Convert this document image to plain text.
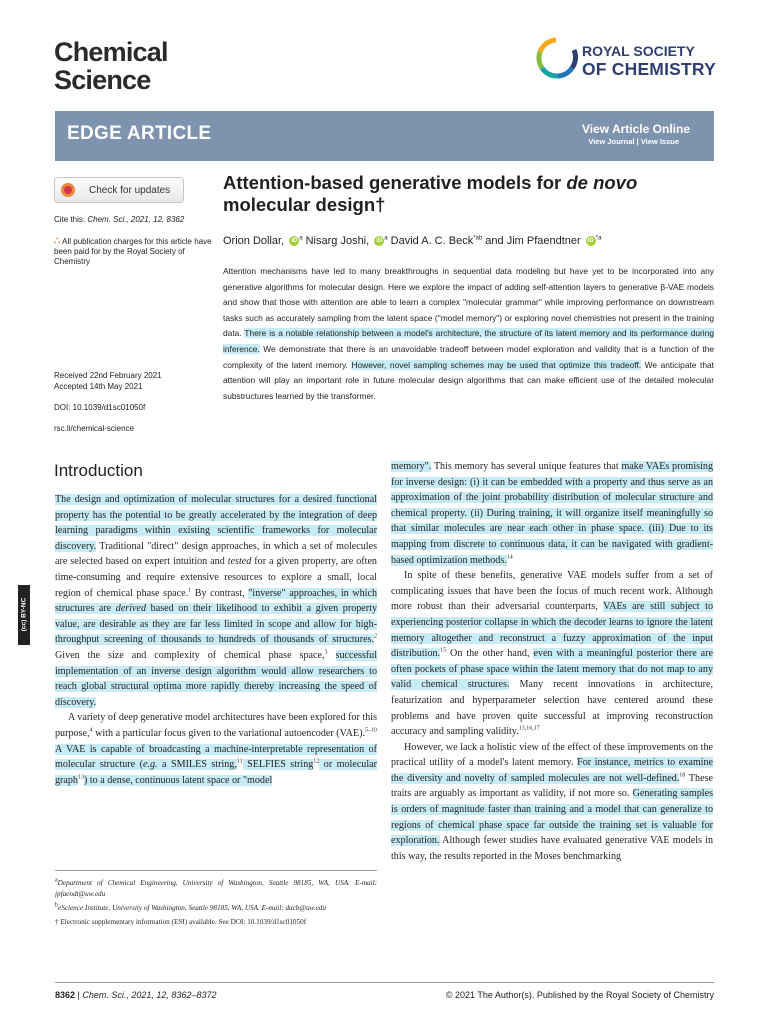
Chemical
Science
ROYAL SOCIETY
OF CHEMISTRY
EDGE ARTICLE	View Article Online
View Journal | View Issue
Check for updates
Cite this: Chem. Sci., 2021, 12, 8362
∴ All publication charges for this article have been paid for by the Royal Society of Chemistry
Received 22nd February 2021
Accepted 14th May 2021
DOI: 10.1039/d1sc01050f
rsc.li/chemical-science
Attention-based generative models for de novo molecular design†
Orion Dollar, iD $^a$ Nisarg Joshi, iD $^a$ David A. C. Beck$^{*ab}$ and Jim Pfaendtner iD $^{*a}$
Attention mechanisms have led to many breakthroughs in sequential data modeling but have yet to be incorporated into any generative algorithms for molecular design. Here we explore the impact of adding self-attention layers to generative β-VAE models and show that those with attention are able to learn a complex "molecular grammar" while improving performance on downstream tasks such as accurately sampling from the latent space ("model memory") or exploring novel chemistries not present in the training data. There is a notable relationship between a model's architecture, the structure of its latent memory and its performance during inference. We demonstrate that there is an unavoidable tradeoff between model exploration and validity that is a function of the complexity of the latent memory. However, novel sampling schemes may be used that optimize this tradeoff. We anticipate that attention will play an important role in future molecular design algorithms that can make efficient use of the detailed molecular substructures learned by the transformer.
Introduction

The design and optimization of molecular structures for a desired functional property has the potential to be greatly accelerated by the integration of deep learning paradigms within existing scientific frameworks for molecular discovery. Traditional "direct" design approaches, in which a set of molecules are selected based on expert intuition and tested for a given property, are often time-consuming and require extensive resources to explore a small, local region of chemical phase space.$^1$ By contrast, "inverse" approaches, in which structures are derived based on their likelihood to exhibit a given property value, are desirable as they are far less limited in scope and allow for high-throughput screening of thousands to hundreds of thousands of structures.$^2$ Given the size and complexity of chemical phase space,$^3$ successful implementation of an inverse design algorithm would allow researchers to reach global structural optima more rapidly thereby increasing the speed of discovery.

A variety of deep generative model architectures have been explored for this purpose,$^4$ with a particular focus given to the variational autoencoder (VAE).$^{5-10}$ A VAE is capable of broadcasting a machine-interpretable representation of molecular structure (e.g. a SMILES string,$^{11}$ SELFIES string$^{12}$ or molecular graph$^{13}$) to a dense, continuous latent space or "model

memory". This memory has several unique features that make VAEs promising for inverse design: (i) it can be embedded with a property and thus serve as an approximation of the joint probability distribution of molecular structure and chemical property. (ii) During training, it will organize itself meaningfully so that similar molecules are near each other in phase space. (iii) Due to its mapping from discrete to continuous data, it can be navigated with gradient-based optimization methods.$^{14}$

In spite of these benefits, generative VAE models suffer from a set of complicating issues that have been the focus of much recent work. Although more robust than their adversarial counterparts, VAEs are still subject to experiencing posterior collapse in which the decoder learns to ignore the latent memory altogether and reconstruct a fuzzy approximation of the input distribution.$^{15}$ On the other hand, even with a meaningful posterior there are often pockets of phase space within the latent memory that do not map to any valid chemical structures. Many recent innovations in architecture, featurization and hyperparameter selection have centered around these problems and have proven quite successful at improving reconstruction accuracy and sampling validity.$^{13,16,17}$

However, we lack a holistic view of the effect of these improvements on the practical utility of a model's latent memory. For instance, metrics to examine the diversity and novelty of sampled molecules are not well-defined.$^{18}$ These traits are arguably as important as validity, if not more so. Generating samples is orders of magnitude faster than training and a model that can generalize to regions of chemical phase space far outside the training set is valuable for exploration. Although fewer studies have evaluated generative VAE models in this way, the results reported in the Moses benchmarking

(cc) BY-NC

$^a$Department of Chemical Engineering, University of Washington, Seattle 98185, WA, USA. E-mail: jpfaendt@uw.edu

$^b$eScience Institute, University of Washington, Seattle 98185, WA, USA. E-mail: dacb@uw.edu

† Electronic supplementary information (ESI) available. See DOI: 10.1039/d1sc01050f

8362 | Chem. Sci., 2021, 12, 8362–8372	© 2021 The Author(s). Published by the Royal Society of Chemistry
